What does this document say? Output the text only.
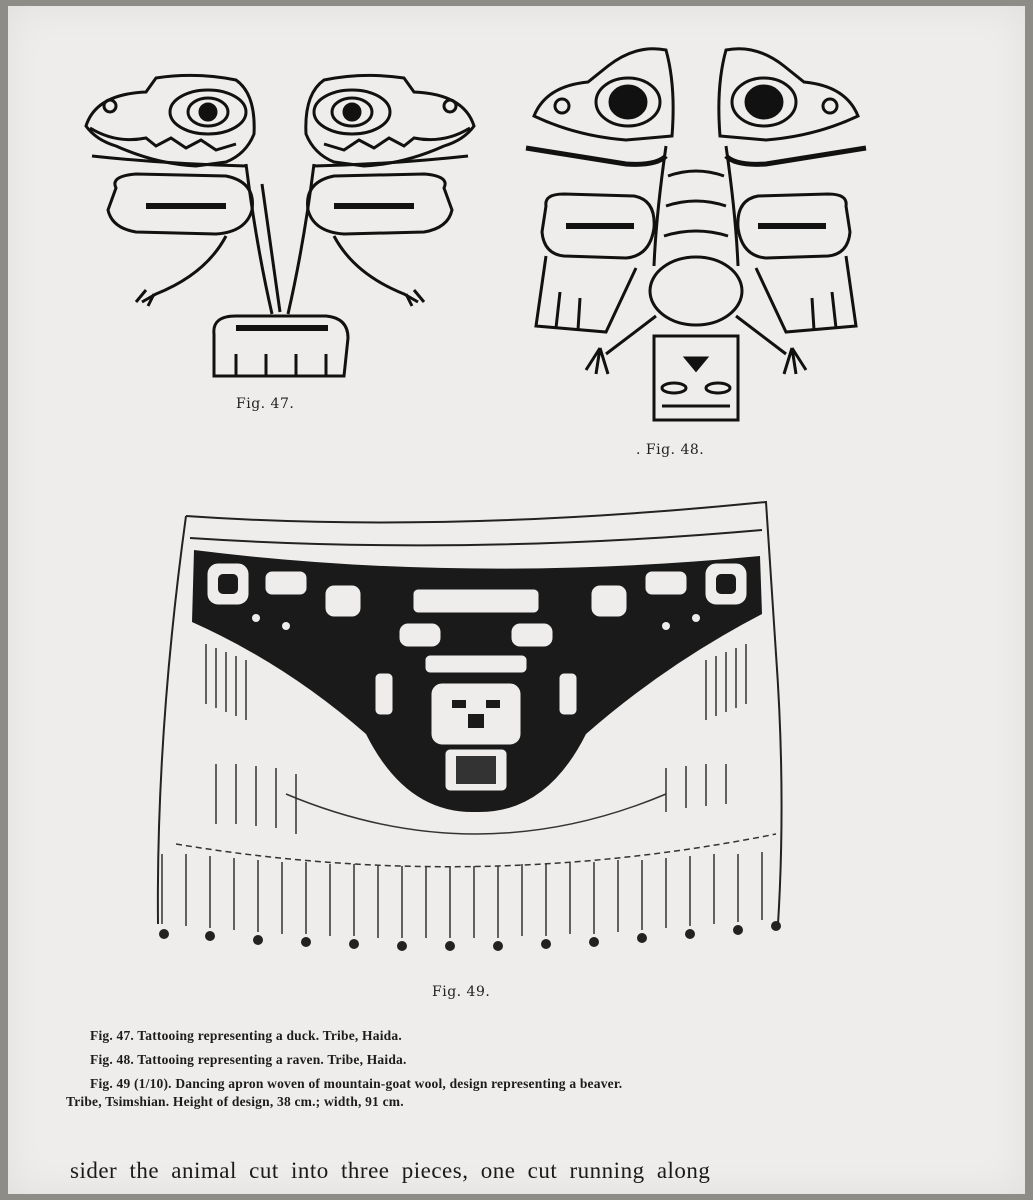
Fig. 47.
. Fig. 48.
Fig. 49.
Fig. 47. Tattooing representing a duck. Tribe, Haida.
Fig. 48. Tattooing representing a raven. Tribe, Haida.
Fig. 49 (1/10). Dancing apron woven of mountain-goat wool, design representing a beaver.
Tribe, Tsimshian. Height of design, 38 cm.; width, 91 cm.
sider the animal cut into three pieces, one cut running along
